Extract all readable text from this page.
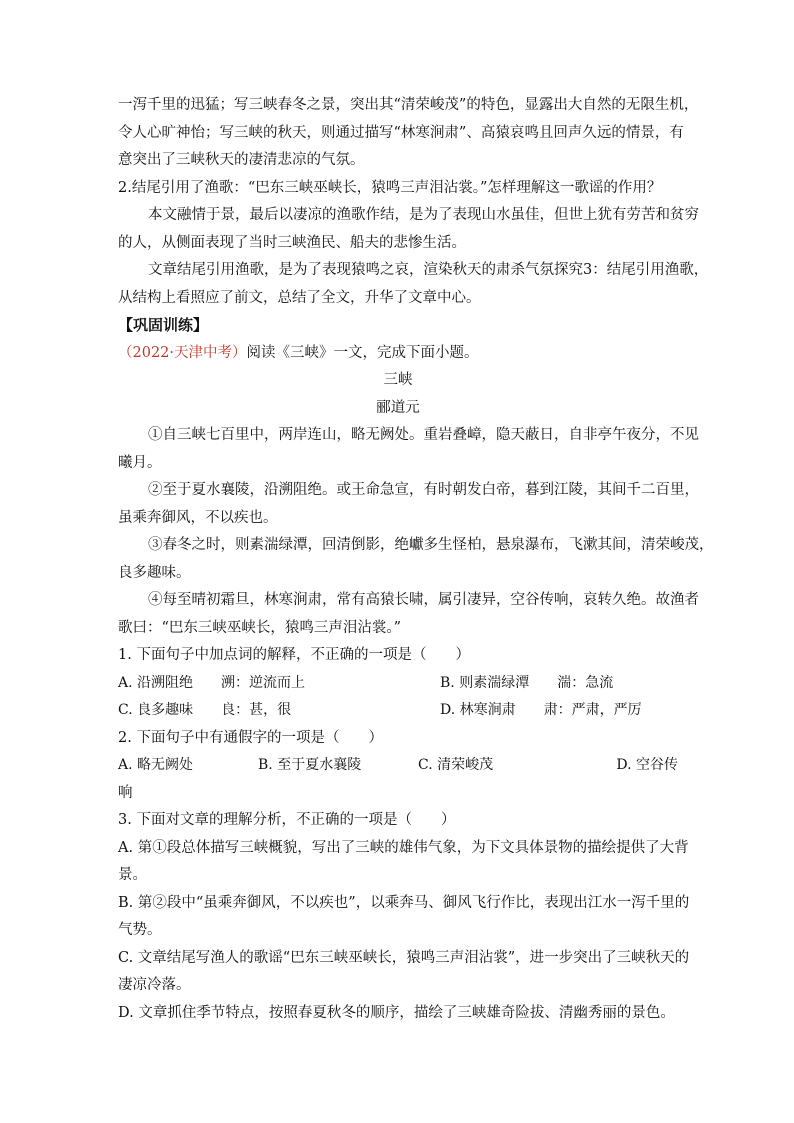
一泻千里的迅猛；写三峡春冬之景，突出其“清荣峻茂”的特色，显露出大自然的无限生机，

令人心旷神怡；写三峡的秋天，则通过描写“林寒涧肃”、高猿哀鸣且回声久远的情景，有

意突出了三峡秋天的凄清悲凉的气氛。

2.结尾引用了渔歌：“巴东三峡巫峡长，猿鸣三声泪沾裳。”怎样理解这一歌谣的作用？

本文融情于景，最后以凄凉的渔歌作结，是为了表现山水虽佳，但世上犹有劳苦和贫穷

的人，从侧面表现了当时三峡渔民、船夫的悲惨生活。

文章结尾引用渔歌，是为了表现猿鸣之哀，渲染秋天的肃杀气氛探究3：结尾引用渔歌，

从结构上看照应了前文，总结了全文，升华了文章中心。

【巩固训练】

（2022·天津中考）阅读《三峡》一文，完成下面小题。

三峡

郦道元

①自三峡七百里中，两岸连山，略无阙处。重岩叠嶂，隐天蔽日，自非亭午夜分，不见

曦月。

②至于夏水襄陵，沿溯阻绝。或王命急宣，有时朝发白帝，暮到江陵，其间千二百里，

虽乘奔御风，不以疾也。

③春冬之时，则素湍绿潭，回清倒影，绝巘多生怪柏，悬泉瀑布，飞漱其间，清荣峻茂，

良多趣味。

④每至晴初霜旦，林寒涧肃，常有高猿长啸，属引凄异，空谷传响，哀转久绝。故渔者

歌曰：“巴东三峡巫峡长，猿鸣三声泪沾裳。”

1. 下面句子中加点词的解释，不正确的一项是（　　）

A. 沿溯阻绝　　溯：逆流而上	B. 则素湍绿潭　　湍：急流
C. 良多趣味　　良：甚，很	D. 林寒涧肃　　肃：严肃，严厉

2. 下面句子中有通假字的一项是（　　）

A. 略无阙处	B. 至于夏水襄陵	C. 清荣峻茂	D. 空谷传

响

3. 下面对文章的理解分析，不正确的一项是（　　）

A. 第①段总体描写三峡概貌，写出了三峡的雄伟气象，为下文具体景物的描绘提供了大背

景。

B. 第②段中“虽乘奔御风，不以疾也”，以乘奔马、御风飞行作比，表现出江水一泻千里的

气势。

C. 文章结尾写渔人的歌谣“巴东三峡巫峡长，猿鸣三声泪沾裳”，进一步突出了三峡秋天的

凄凉冷落。

D. 文章抓住季节特点，按照春夏秋冬的顺序，描绘了三峡雄奇险拔、清幽秀丽的景色。
